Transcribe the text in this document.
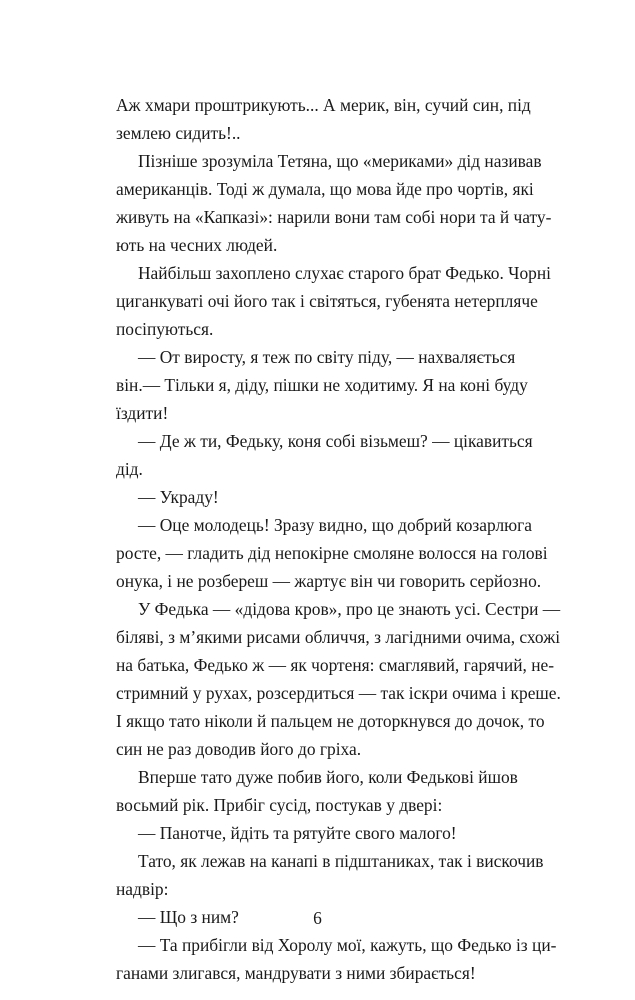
Аж хмари проштрикують... А мерик, він, сучий син, під
землею сидить!..

Пізніше зрозуміла Тетяна, що «мериками» дід називав
американців. Тоді ж думала, що мова йде про чортів, які
живуть на «Капказі»: нарили вони там собі нори та й чату-
ють на чесних людей.

Найбільш захоплено слухає старого брат Федько. Чорні
циганкуваті очі його так і світяться, губенята нетерпляче
посіпуються.

— От виросту, я теж по світу піду, — нахваляється
він.— Тільки я, діду, пішки не ходитиму. Я на коні буду
їздити!

— Де ж ти, Федьку, коня собі візьмеш? — цікавиться
дід.

— Украду!

— Оце молодець! Зразу видно, що добрий козарлюга
росте, — гладить дід непокірне смоляне волосся на голові
онука, і не розбереш — жартує він чи говорить серйозно.

У Федька — «дідова кров», про це знають усі. Сестри —
біляві, з м’якими рисами обличчя, з лагідними очима, схожі
на батька, Федько ж — як чортеня: смаглявий, гарячий, не-
стримний у рухах, розсердиться — так іскри очима і креше.
І якщо тато ніколи й пальцем не доторкнувся до дочок, то
син не раз доводив його до гріха.

Вперше тато дуже побив його, коли Федькові йшов
восьмий рік. Прибіг сусід, постукав у двері:

— Панотче, йдіть та рятуйте свого малого!

Тато, як лежав на канапі в підштаниках, так і вискочив
надвір:

— Що з ним?

— Та прибігли від Хоролу мої, кажуть, що Федько із ци-
ганами злигався, мандрувати з ними збирається!

6
